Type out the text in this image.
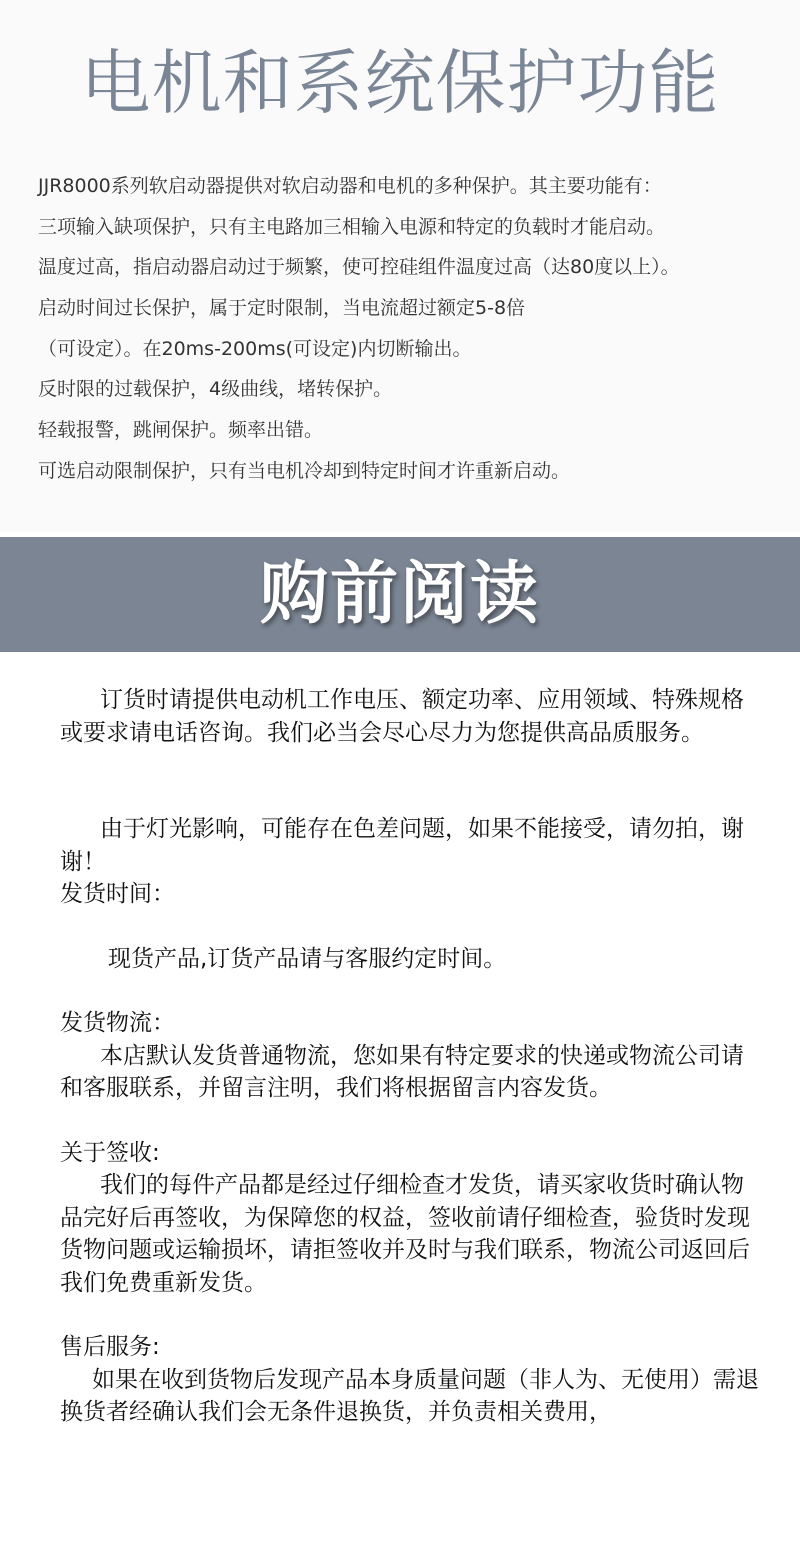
电机和系统保护功能
JJR8000系列软启动器提供对软启动器和电机的多种保护。其主要功能有：
三项输入缺项保护，只有主电路加三相输入电源和特定的负载时才能启动。
温度过高，指启动器启动过于频繁，使可控硅组件温度过高（达80度以上）。
启动时间过长保护，属于定时限制，当电流超过额定5-8倍
（可设定）。在20ms-200ms(可设定)内切断输出。
反时限的过载保护，4级曲线，堵转保护。
轻载报警，跳闸保护。频率出错。
可选启动限制保护，只有当电机冷却到特定时间才许重新启动。
购前阅读

订货时请提供电动机工作电压、额定功率、应用领域、特殊规格或要求请电话咨询。我们必当会尽心尽力为您提供高品质服务。

由于灯光影响，可能存在色差问题，如果不能接受，请勿拍，谢谢！

发货时间：

现货产品,订货产品请与客服约定时间。

发货物流：

本店默认发货普通物流，您如果有特定要求的快递或物流公司请和客服联系，并留言注明，我们将根据留言内容发货。

关于签收:

我们的每件产品都是经过仔细检查才发货，请买家收货时确认物品完好后再签收，为保障您的权益，签收前请仔细检查，验货时发现货物问题或运输损坏，请拒签收并及时与我们联系，物流公司返回后我们免费重新发货。

售后服务:

如果在收到货物后发现产品本身质量问题（非人为、无使用）需退换货者经确认我们会无条件退换货，并负责相关费用，
